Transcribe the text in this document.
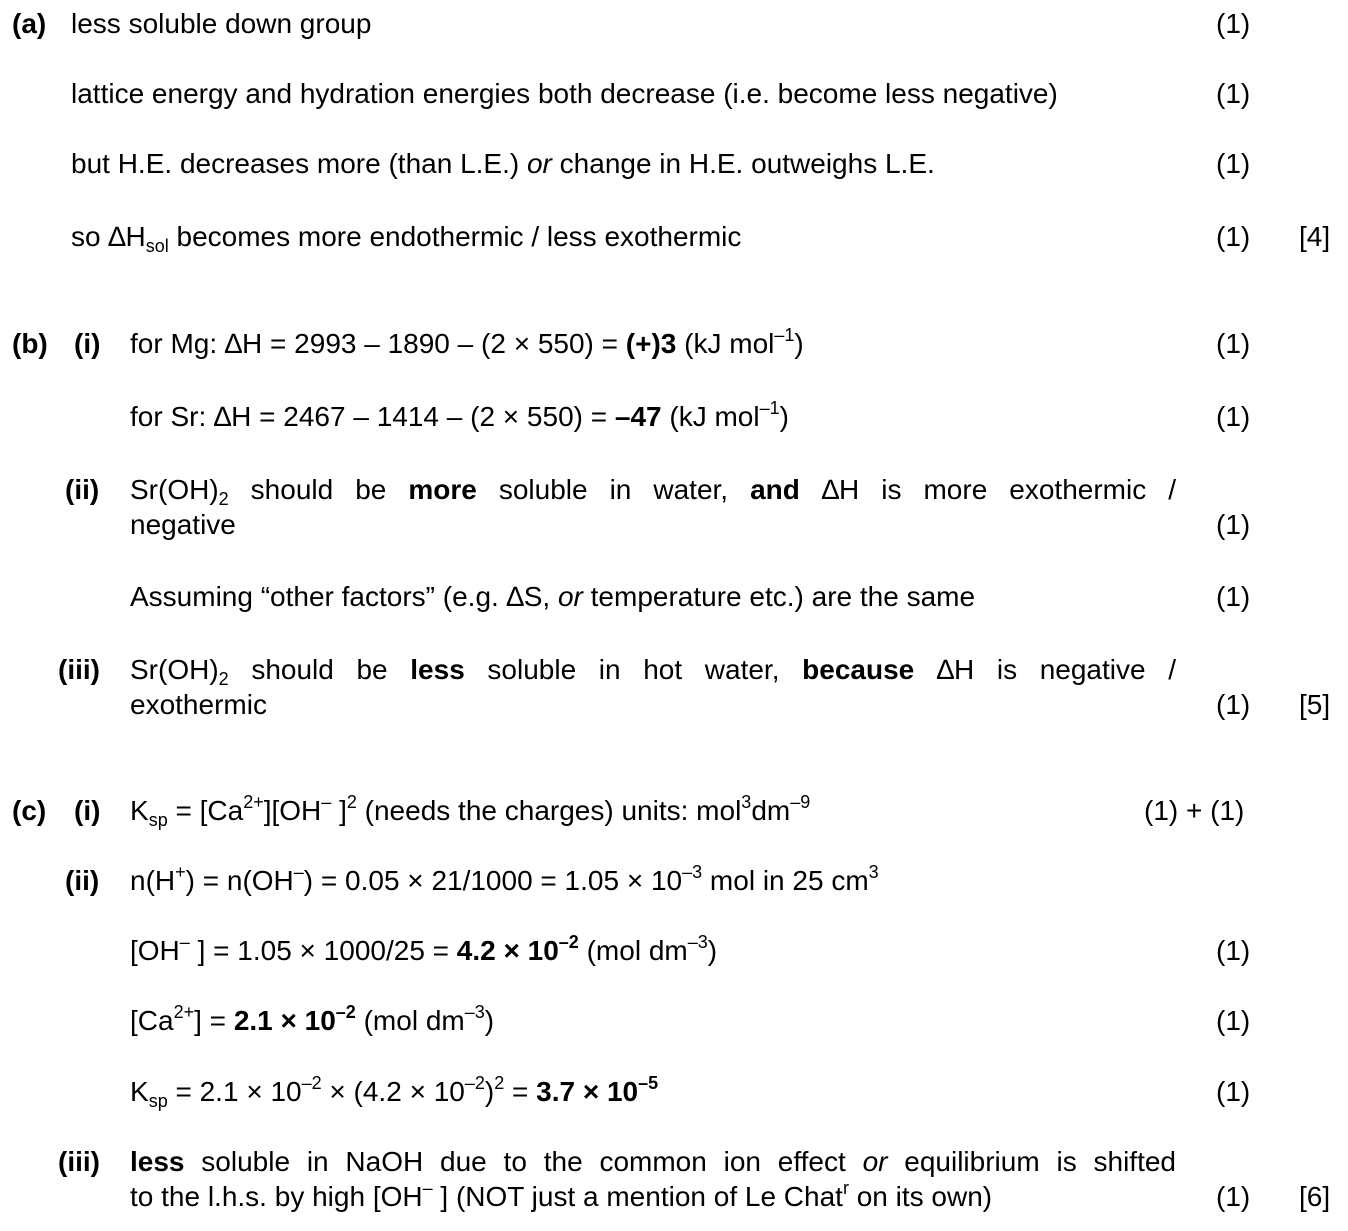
(a) less soluble down group	(1)
lattice energy and hydration energies both decrease (i.e. become less negative)	(1)
but H.E. decreases more (than L.E.) or change in H.E. outweighs L.E.	(1)
so $\Delta H_{sol}$ becomes more endothermic / less exothermic	(1) [4]
(b) (i) for Mg: ∆H = 2993 – 1890 – (2 × 550) = (+)3 (kJ mol$^{-1}$)	(1)
for Sr: ∆H = 2467 – 1414 – (2 × 550) = –47 (kJ mol$^{-1}$)	(1)
(ii) $Sr(OH)_2$ should be more soluble in water, and ∆H is more exothermic /
negative	(1)
Assuming “other factors” (e.g. ∆S, or temperature etc.) are the same	(1)
(iii) $Sr(OH)_2$ should be less soluble in hot water, because ∆H is negative /
exothermic	(1) [5]
(c) (i) $K_{sp} = [Ca^{2+}][OH^-$ ]$^2$ (needs the charges) units: $mol^3dm^{-9}$	(1) + (1)
(ii) $n(H^+) = n(OH^-) = 0.05 \times 21/1000 = 1.05 \times 10^{-3}$ mol in 25 $cm^3$
[OH– ] = $1.05 \times 1000/25 = 4.2 \times 10^{-2}$ (mol $dm^{-3}$)	(1)
$[Ca^{2+}] = 2.1 \times 10^{-2}$ (mol $dm^{-3}$)	(1)
$K_{sp} = 2.1 \times 10^{-2} \times (4.2 \times 10^{-2})^2 = 3.7 \times 10^{-5}$	(1)
(iii) less soluble in NaOH due to the common ion effect or equilibrium is shifted
to the l.h.s. by high [OH– ] (NOT just a mention of Le Chat$^r$ on its own)	(1) [6]
